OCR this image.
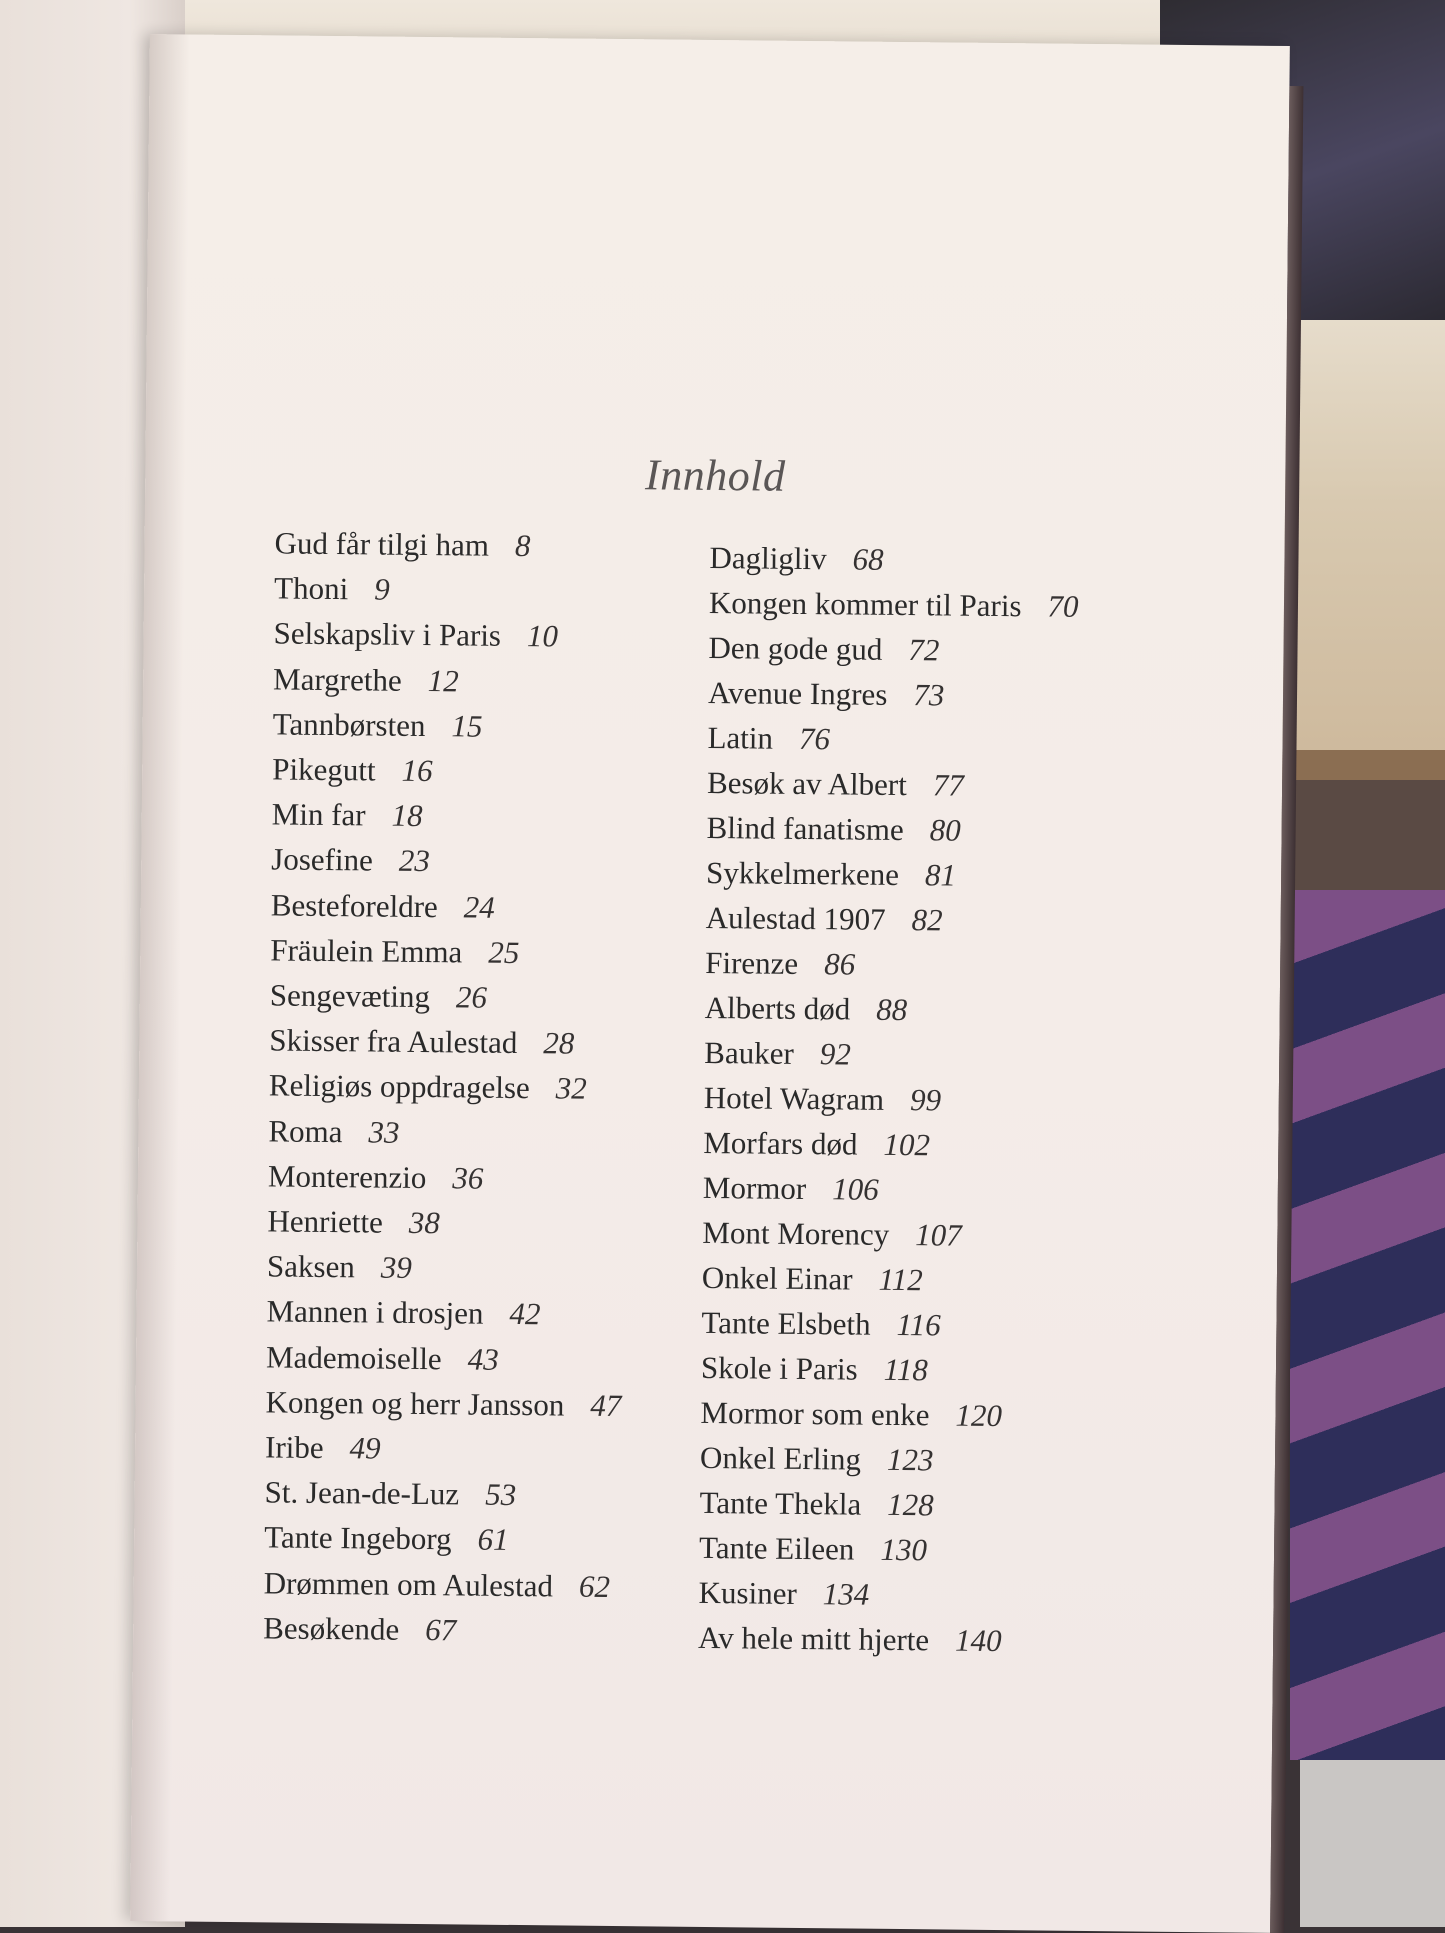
Innhold
Gud får tilgi ham 8
Thoni 9
Selskapsliv i Paris 10
Margrethe 12
Tannbørsten 15
Pikegutt 16
Min far 18
Josefine 23
Besteforeldre 24
Fräulein Emma 25
Sengevæting 26
Skisser fra Aulestad 28
Religiøs oppdragelse 32
Roma 33
Monterenzio 36
Henriette 38
Saksen 39
Mannen i drosjen 42
Mademoiselle 43
Kongen og herr Jansson 47
Iribe 49
St. Jean-de-Luz 53
Tante Ingeborg 61
Drømmen om Aulestad 62
Besøkende 67
Dagligliv 68
Kongen kommer til Paris 70
Den gode gud 72
Avenue Ingres 73
Latin 76
Besøk av Albert 77
Blind fanatisme 80
Sykkelmerkene 81
Aulestad 1907 82
Firenze 86
Alberts død 88
Bauker 92
Hotel Wagram 99
Morfars død 102
Mormor 106
Mont Morency 107
Onkel Einar 112
Tante Elsbeth 116
Skole i Paris 118
Mormor som enke 120
Onkel Erling 123
Tante Thekla 128
Tante Eileen 130
Kusiner 134
Av hele mitt hjerte 140
